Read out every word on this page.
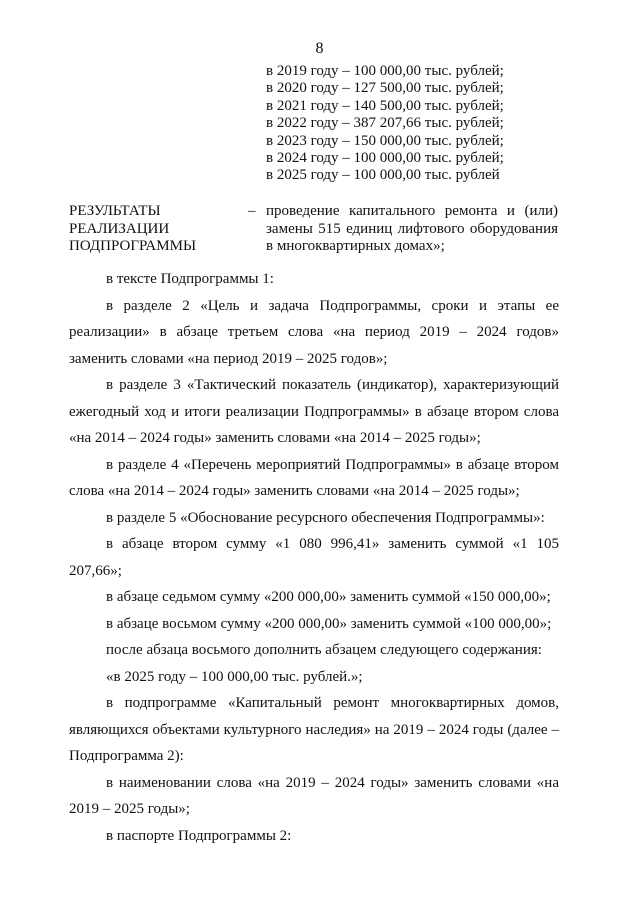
8
в 2019 году – 100 000,00 тыс. рублей;
в 2020 году – 127 500,00 тыс. рублей;
в 2021 году – 140 500,00 тыс. рублей;
в 2022 году – 387 207,66 тыс. рублей;
в 2023 году – 150 000,00 тыс. рублей;
в 2024 году – 100 000,00 тыс. рублей;
в 2025 году – 100 000,00 тыс. рублей
РЕЗУЛЬТАТЫ
РЕАЛИЗАЦИИ
ПОДПРОГРАММЫ
– проведение капитального ремонта и (или) замены 515 единиц лифтового оборудования в многоквартирных домах»;

в тексте Подпрограммы 1:

в разделе 2 «Цель и задача Подпрограммы, сроки и этапы ее реализации» в абзаце третьем слова «на период 2019 – 2024 годов» заменить словами «на период 2019 – 2025 годов»;

в разделе 3 «Тактический показатель (индикатор), характеризующий ежегодный ход и итоги реализации Подпрограммы» в абзаце втором слова «на 2014 – 2024 годы» заменить словами «на 2014 – 2025 годы»;

в разделе 4 «Перечень мероприятий Подпрограммы» в абзаце втором слова «на 2014 – 2024 годы» заменить словами «на 2014 – 2025 годы»;

в разделе 5 «Обоснование ресурсного обеспечения Подпрограммы»:

в абзаце втором сумму «1 080 996,41» заменить суммой «1 105 207,66»;

в абзаце седьмом сумму «200 000,00» заменить суммой «150 000,00»;

в абзаце восьмом сумму «200 000,00» заменить суммой «100 000,00»;

после абзаца восьмого дополнить абзацем следующего содержания:

«в 2025 году – 100 000,00 тыс. рублей.»;

в подпрограмме «Капитальный ремонт многоквартирных домов, являющихся объектами культурного наследия» на 2019 – 2024 годы (далее – Подпрограмма 2):

в наименовании слова «на 2019 – 2024 годы» заменить словами «на 2019 – 2025 годы»;

в паспорте Подпрограммы 2:
